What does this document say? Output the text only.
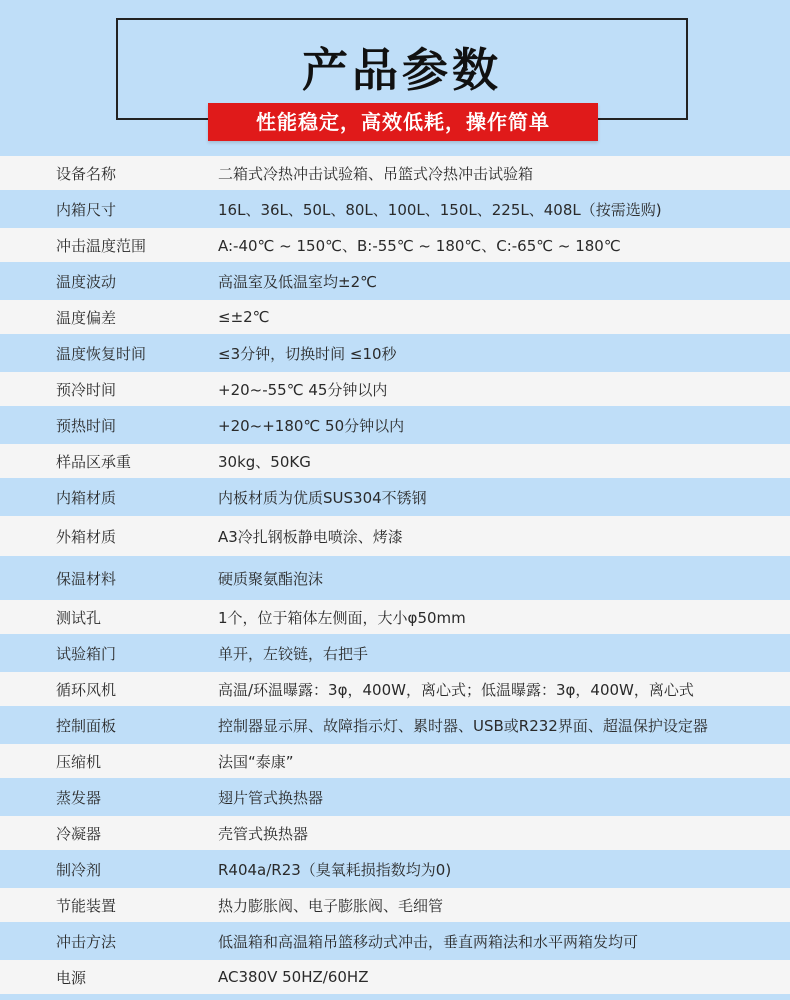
产品参数
性能稳定，高效低耗，操作简单
设备名称	二箱式冷热冲击试验箱、吊篮式冷热冲击试验箱
内箱尺寸	16L、36L、50L、80L、100L、150L、225L、408L（按需选购)
冲击温度范围	A:-40℃ ~ 150℃、B:-55℃ ~ 180℃、C:-65℃ ~ 180℃
温度波动	高温室及低温室均±2℃
温度偏差	≤±2℃
温度恢复时间	≤3分钟，切换时间 ≤10秒
预冷时间	+20~-55℃ 45分钟以内
预热时间	+20~+180℃ 50分钟以内
样品区承重	30kg、50KG
内箱材质	内板材质为优质SUS304不锈钢
外箱材质	A3冷扎钢板静电喷涂、烤漆
保温材料	硬质聚氨酯泡沫
测试孔	1个，位于箱体左侧面，大小φ50mm
试验箱门	单开，左铰链，右把手
循环风机	高温/环温曝露：3φ，400W，离心式；低温曝露：3φ，400W，离心式
控制面板	控制器显示屏、故障指示灯、累时器、USB或R232界面、超温保护设定器
压缩机	法国“泰康”
蒸发器	翅片管式换热器
冷凝器	壳管式换热器
制冷剂	R404a/R23（臭氧耗损指数均为0)
节能装置	热力膨胀阀、电子膨胀阀、毛细管
冲击方法	低温箱和高温箱吊篮移动式冲击，垂直两箱法和水平两箱发均可
电源	AC380V 50HZ/60HZ
